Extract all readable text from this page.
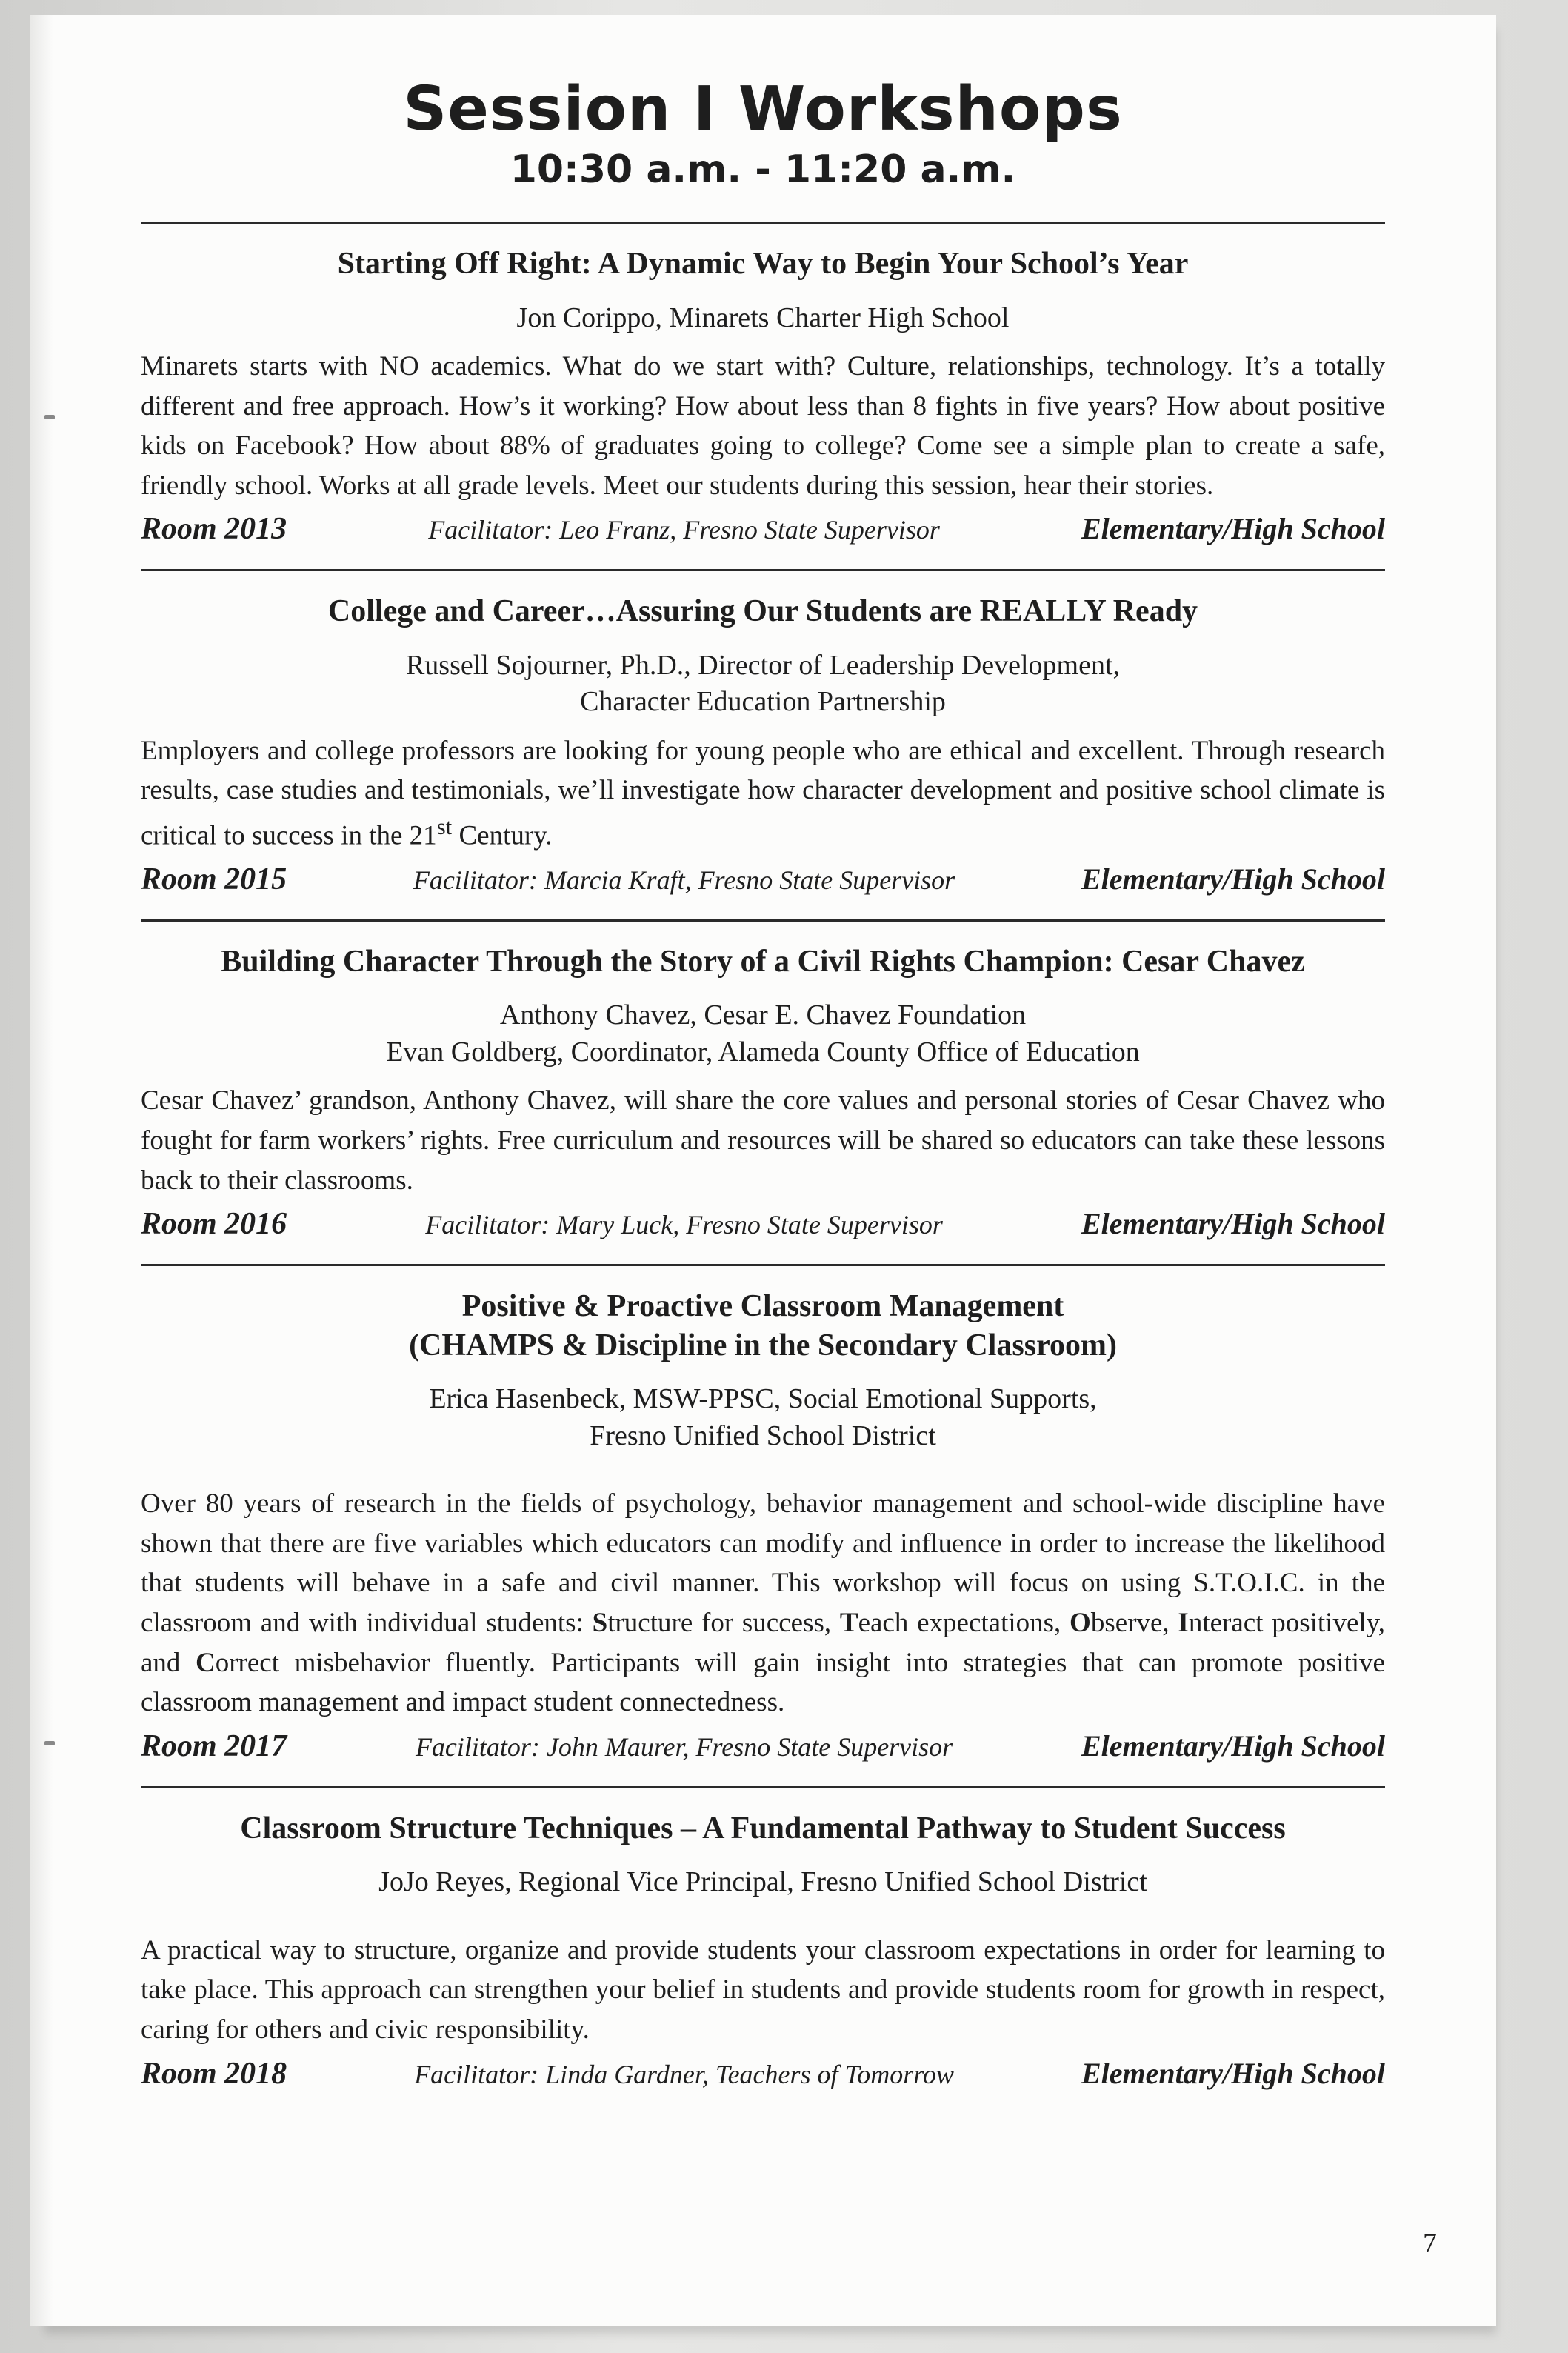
Session I Workshops
10:30 a.m. - 11:20 a.m.
Starting Off Right: A Dynamic Way to Begin Your School’s Year
Jon Corippo, Minarets Charter High School

Minarets starts with NO academics. What do we start with? Culture, relationships, technology. It’s a totally different and free approach. How’s it working? How about less than 8 fights in five years? How about positive kids on Facebook? How about 88% of graduates going to college? Come see a simple plan to create a safe, friendly school. Works at all grade levels. Meet our students during this session, hear their stories.

Room 2013	Facilitator: Leo Franz, Fresno State Supervisor	Elementary/High School
College and Career…Assuring Our Students are REALLY Ready
Russell Sojourner, Ph.D., Director of Leadership Development,
Character Education Partnership

Employers and college professors are looking for young people who are ethical and excellent. Through research results, case studies and testimonials, we’ll investigate how character development and positive school climate is critical to success in the 21st Century.

Room 2015	Facilitator: Marcia Kraft, Fresno State Supervisor	Elementary/High School
Building Character Through the Story of a Civil Rights Champion: Cesar Chavez
Anthony Chavez, Cesar E. Chavez Foundation
Evan Goldberg, Coordinator, Alameda County Office of Education

Cesar Chavez’ grandson, Anthony Chavez, will share the core values and personal stories of Cesar Chavez who fought for farm workers’ rights. Free curriculum and resources will be shared so educators can take these lessons back to their classrooms.

Room 2016	Facilitator: Mary Luck, Fresno State Supervisor	Elementary/High School
Positive & Proactive Classroom Management
(CHAMPS & Discipline in the Secondary Classroom)
Erica Hasenbeck, MSW-PPSC, Social Emotional Supports,
Fresno Unified School District

Over 80 years of research in the fields of psychology, behavior management and school-wide discipline have shown that there are five variables which educators can modify and influence in order to increase the likelihood that students will behave in a safe and civil manner. This workshop will focus on using S.T.O.I.C. in the classroom and with individual students: Structure for success, Teach expectations, Observe, Interact positively, and Correct misbehavior fluently. Participants will gain insight into strategies that can promote positive classroom management and impact student connectedness.

Room 2017	Facilitator: John Maurer, Fresno State Supervisor	Elementary/High School
Classroom Structure Techniques – A Fundamental Pathway to Student Success
JoJo Reyes, Regional Vice Principal, Fresno Unified School District

A practical way to structure, organize and provide students your classroom expectations in order for learning to take place. This approach can strengthen your belief in students and provide students room for growth in respect, caring for others and civic responsibility.

Room 2018	Facilitator: Linda Gardner, Teachers of Tomorrow	Elementary/High School
7
